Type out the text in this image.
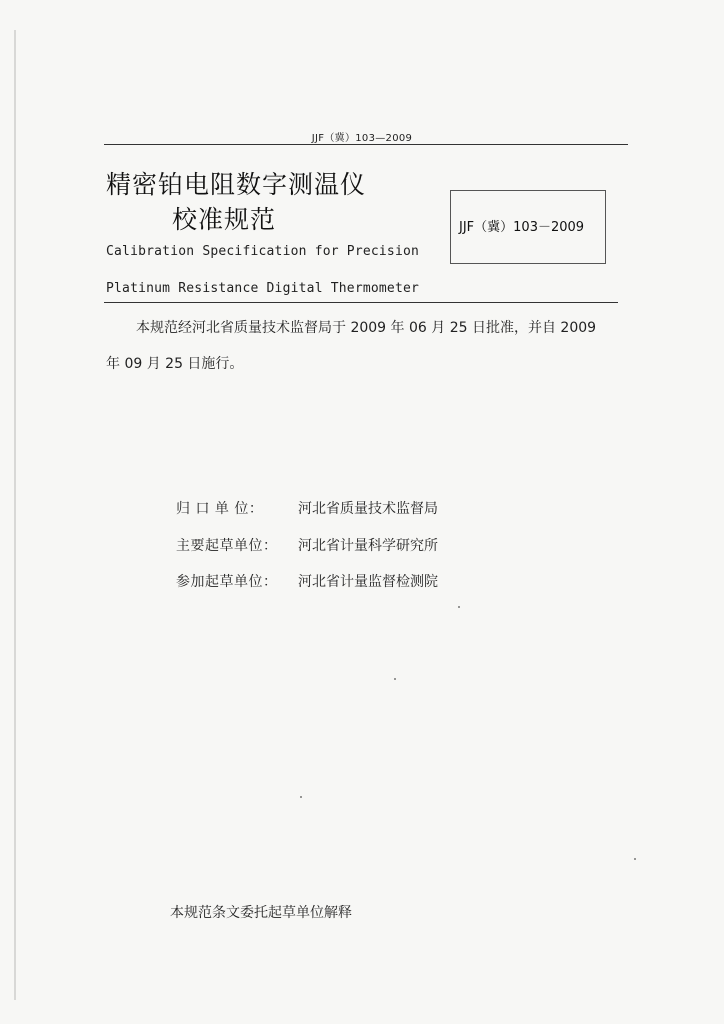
JJF（冀）103—2009
精密铂电阻数字测温仪
校准规范	JJF（冀）103－2009
Calibration Specification for Precision
Platinum Resistance Digital Thermometer
本规范经河北省质量技术监督局于 2009 年 06 月 25 日批准，并自 2009
年 09 月 25 日施行。
归 口 单 位： 河北省质量技术监督局
主要起草单位： 河北省计量科学研究所
参加起草单位： 河北省计量监督检测院
本规范条文委托起草单位解释
